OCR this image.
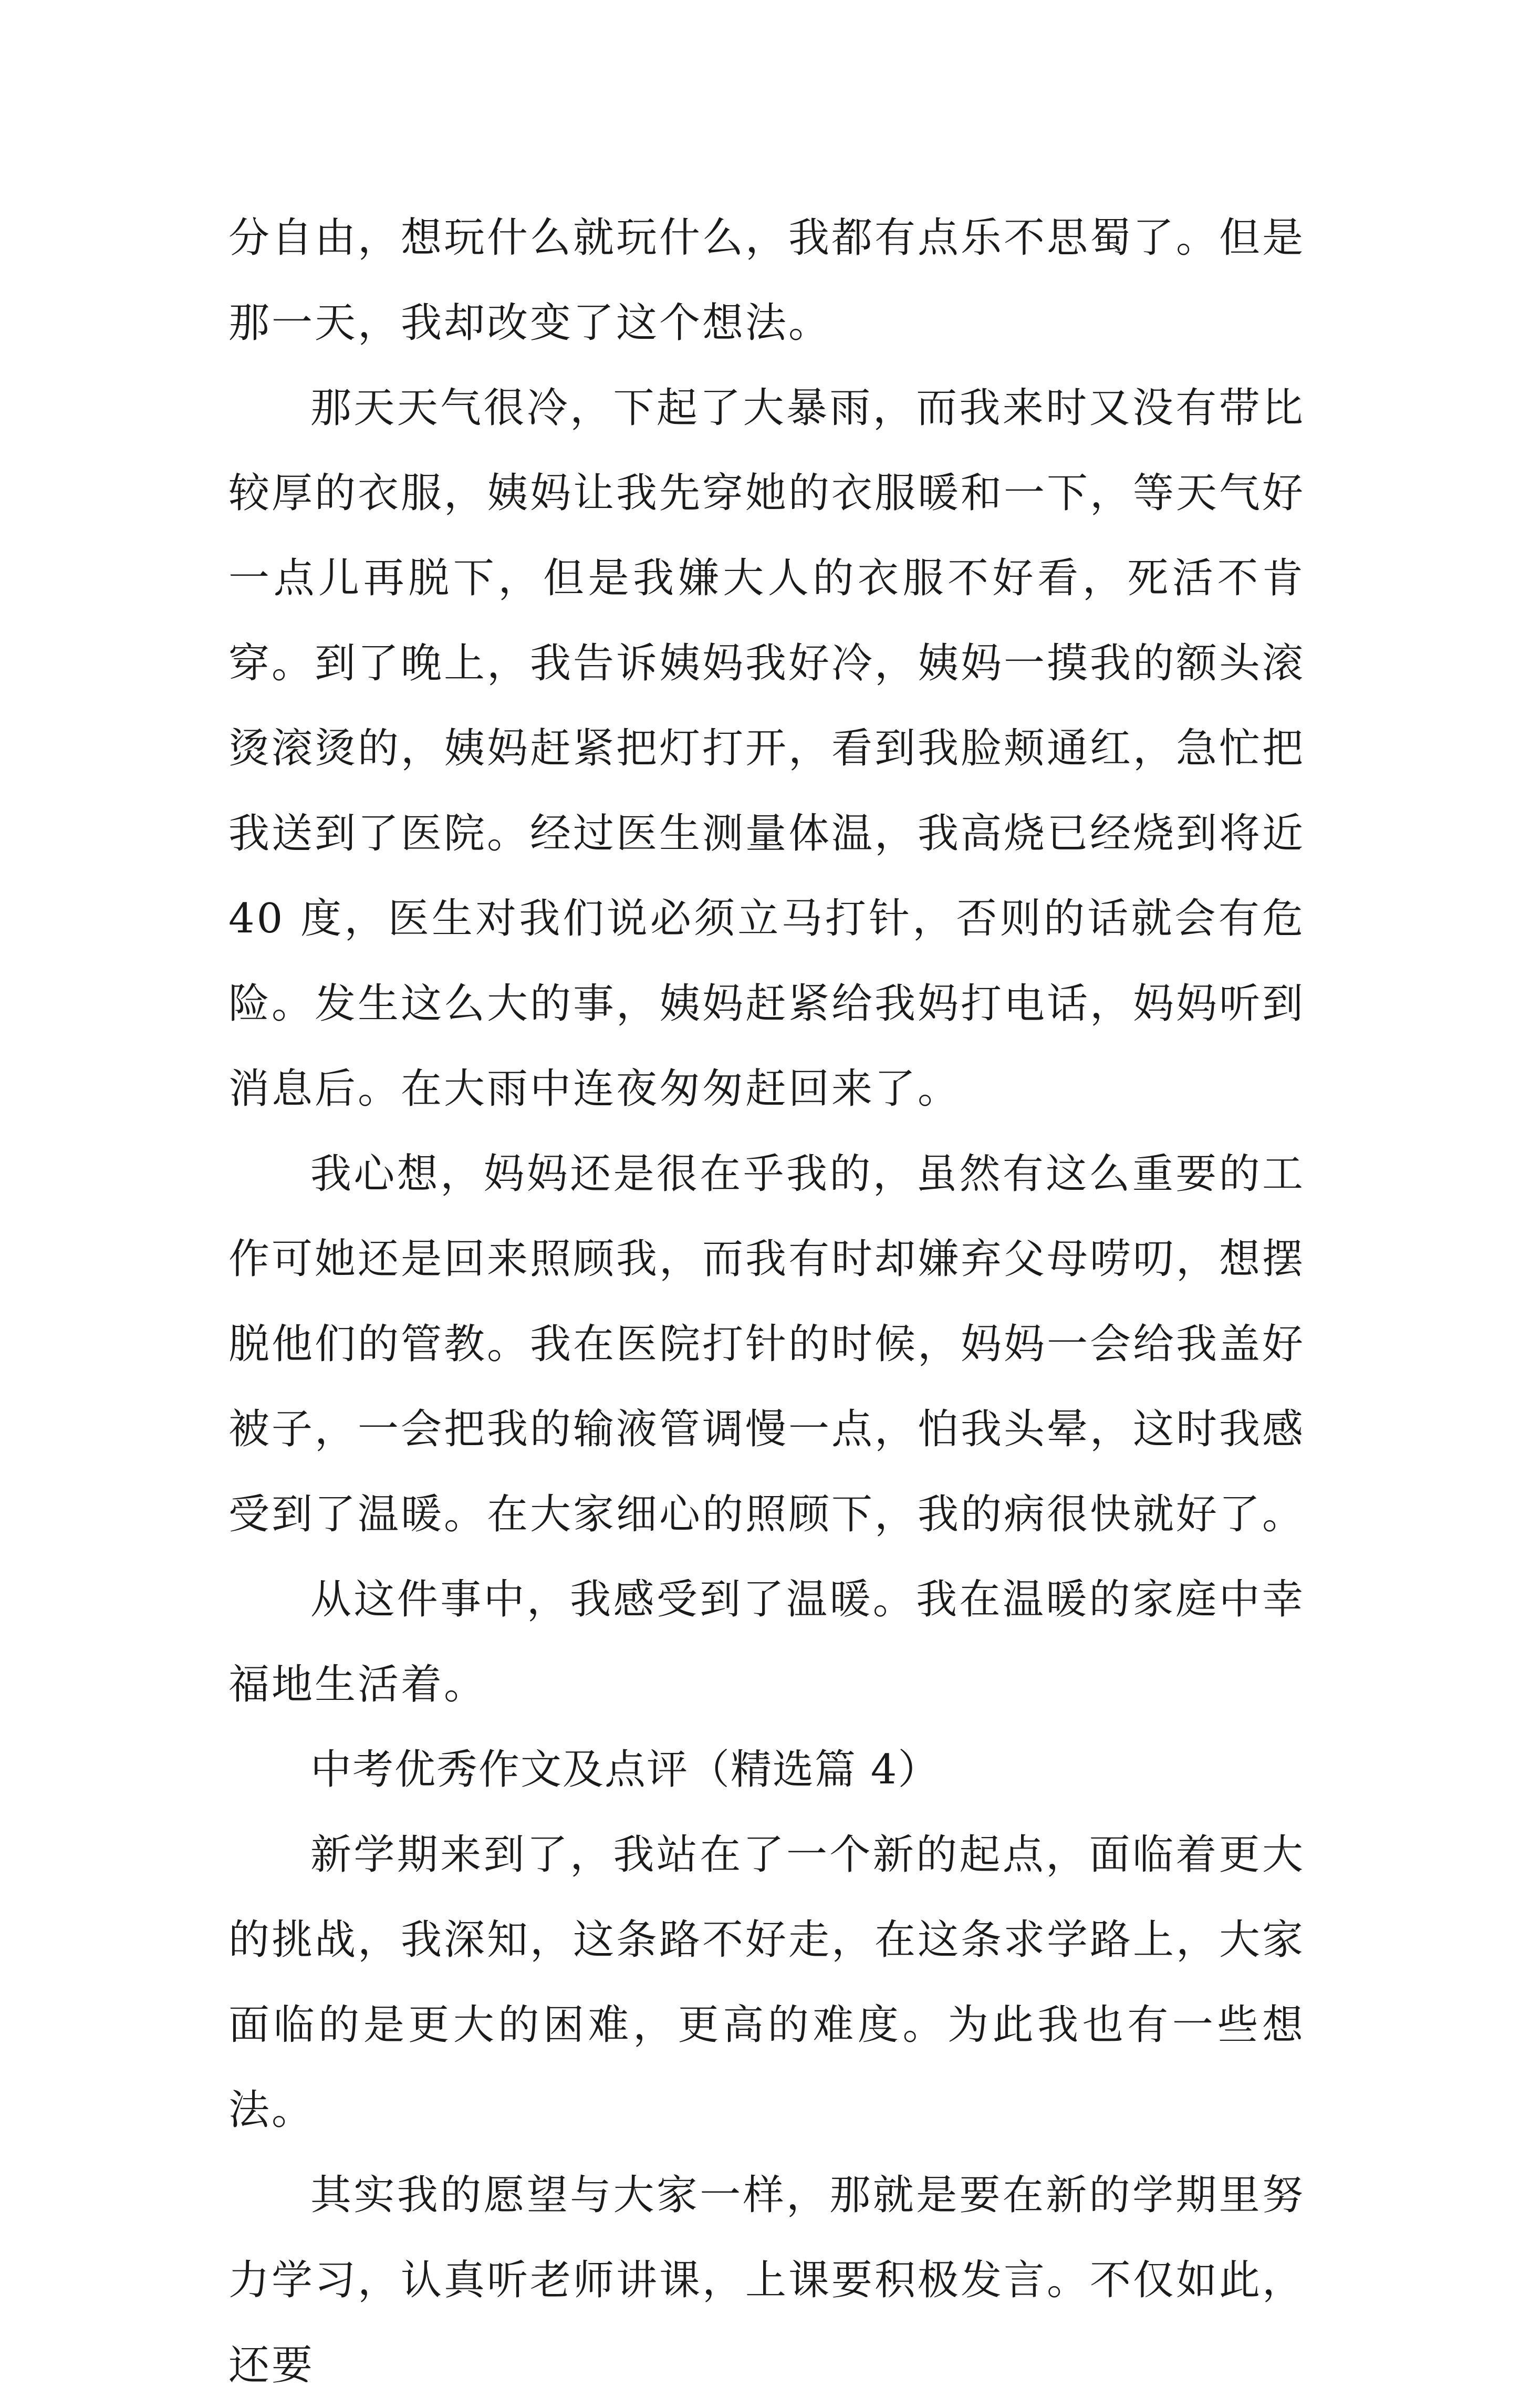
分自由，想玩什么就玩什么，我都有点乐不思蜀了。但是那一天，我却改变了这个想法。

那天天气很冷，下起了大暴雨，而我来时又没有带比较厚的衣服，姨妈让我先穿她的衣服暖和一下，等天气好一点儿再脱下，但是我嫌大人的衣服不好看，死活不肯穿。到了晚上，我告诉姨妈我好冷，姨妈一摸我的额头滚烫滚烫的，姨妈赶紧把灯打开，看到我脸颊通红，急忙把我送到了医院。经过医生测量体温，我高烧已经烧到将近 40 度，医生对我们说必须立马打针，否则的话就会有危险。发生这么大的事，姨妈赶紧给我妈打电话，妈妈听到消息后。在大雨中连夜匆匆赶回来了。

我心想，妈妈还是很在乎我的，虽然有这么重要的工作可她还是回来照顾我，而我有时却嫌弃父母唠叨，想摆脱他们的管教。我在医院打针的时候，妈妈一会给我盖好被子，一会把我的输液管调慢一点，怕我头晕，这时我感受到了温暖。在大家细心的照顾下，我的病很快就好了。

从这件事中，我感受到了温暖。我在温暖的家庭中幸福地生活着。

中考优秀作文及点评（精选篇 4）

新学期来到了，我站在了一个新的起点，面临着更大的挑战，我深知，这条路不好走，在这条求学路上，大家面临的是更大的困难，更高的难度。为此我也有一些想法。

其实我的愿望与大家一样，那就是要在新的学期里努力学习，认真听老师讲课，上课要积极发言。不仅如此，还要
